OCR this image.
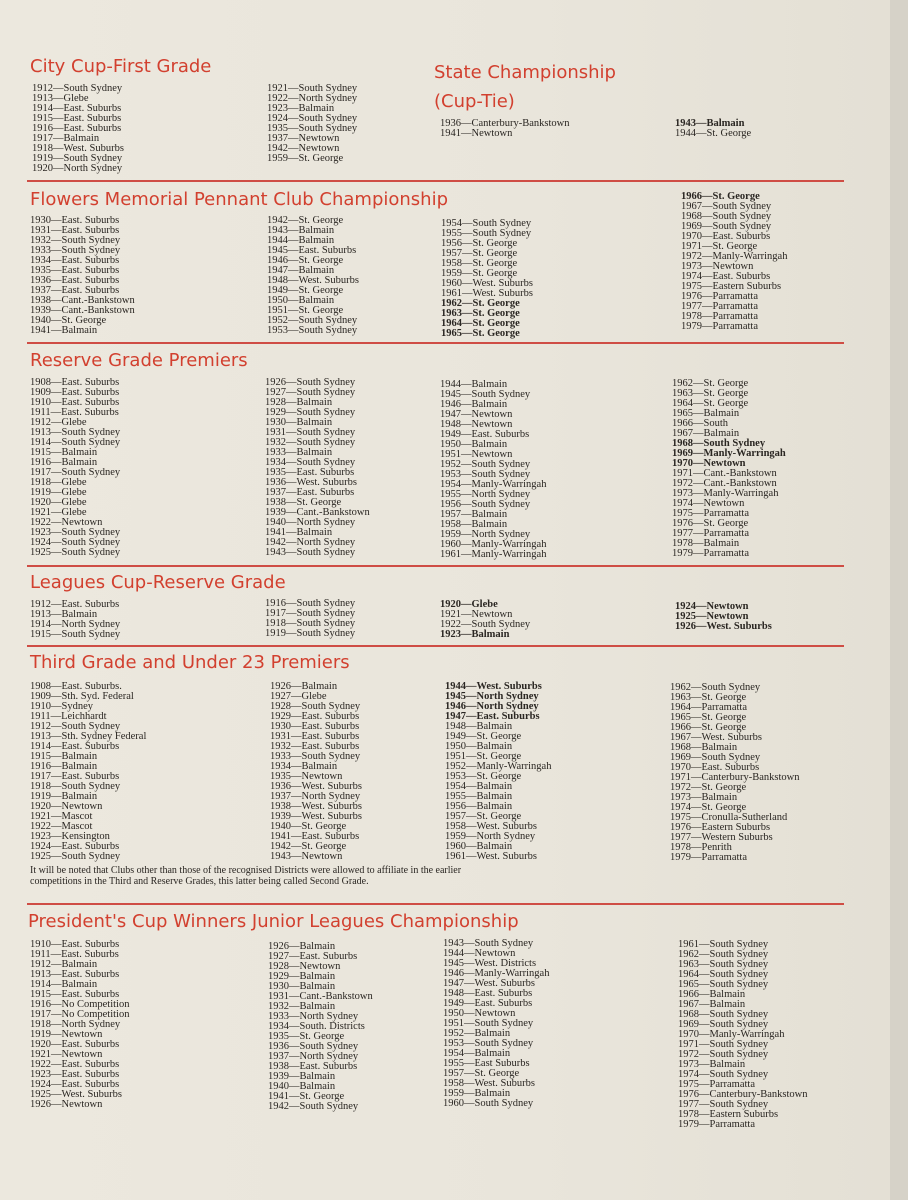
City Cup-First Grade
1912—South Sydney
1913—Glebe
1914—East. Suburbs
1915—East. Suburbs
1916—East. Suburbs
1917—Balmain
1918—West. Suburbs
1919—South Sydney
1920—North Sydney
1921—South Sydney
1922—North Sydney
1923—Balmain
1924—South Sydney
1935—South Sydney
1937—Newtown
1942—Newtown
1959—St. George
State Championship
(Cup-Tie)
1936—Canterbury-Bankstown
1941—Newtown
1943—Balmain
1944—St. George
Flowers Memorial Pennant Club Championship
1930—East. Suburbs
1931—East. Suburbs
1932—South Sydney
1933—South Sydney
1934—East. Suburbs
1935—East. Suburbs
1936—East. Suburbs
1937—East. Suburbs
1938—Cant.-Bankstown
1939—Cant.-Bankstown
1940—St. George
1941—Balmain
1942—St. George
1943—Balmain
1944—Balmain
1945—East. Suburbs
1946—St. George
1947—Balmain
1948—West. Suburbs
1949—St. George
1950—Balmain
1951—St. George
1952—South Sydney
1953—South Sydney
1954—South Sydney
1955—South Sydney
1956—St. George
1957—St. George
1958—St. George
1959—St. George
1960—West. Suburbs
1961—West. Suburbs
1962—St. George
1963—St. George
1964—St. George
1965—St. George
1966—St. George
1967—South Sydney
1968—South Sydney
1969—South Sydney
1970—East. Suburbs
1971—St. George
1972—Manly-Warringah
1973—Newtown
1974—East. Suburbs
1975—Eastern Suburbs
1976—Parramatta
1977—Parramatta
1978—Parramatta
1979—Parramatta
Reserve Grade Premiers
1908—East. Suburbs
1909—East. Suburbs
1910—East. Suburbs
1911—East. Suburbs
1912—Glebe
1913—South Sydney
1914—South Sydney
1915—Balmain
1916—Balmain
1917—South Sydney
1918—Glebe
1919—Glebe
1920—Glebe
1921—Glebe
1922—Newtown
1923—South Sydney
1924—South Sydney
1925—South Sydney
1926—South Sydney
1927—South Sydney
1928—Balmain
1929—South Sydney
1930—Balmain
1931—South Sydney
1932—South Sydney
1933—Balmain
1934—South Sydney
1935—East. Suburbs
1936—West. Suburbs
1937—East. Suburbs
1938—St. George
1939—Cant.-Bankstown
1940—North Sydney
1941—Balmain
1942—North Sydney
1943—South Sydney
1944—Balmain
1945—South Sydney
1946—Balmain
1947—Newtown
1948—Newtown
1949—East. Suburbs
1950—Balmain
1951—Newtown
1952—South Sydney
1953—South Sydney
1954—Manly-Warringah
1955—North Sydney
1956—South Sydney
1957—Balmain
1958—Balmain
1959—North Sydney
1960—Manly-Warringah
1961—Manly-Warringah
1962—St. George
1963—St. George
1964—St. George
1965—Balmain
1966—South
1967—Balmain
1968—South Sydney
1969—Manly-Warringah
1970—Newtown
1971—Cant.-Bankstown
1972—Cant.-Bankstown
1973—Manly-Warringah
1974—Newtown
1975—Parramatta
1976—St. George
1977—Parramatta
1978—Balmain
1979—Parramatta
Leagues Cup-Reserve Grade
1912—East. Suburbs
1913—Balmain
1914—North Sydney
1915—South Sydney
1916—South Sydney
1917—South Sydney
1918—South Sydney
1919—South Sydney
1920—Glebe
1921—Newtown
1922—South Sydney
1923—Balmain
1924—Newtown
1925—Newtown
1926—West. Suburbs
Third Grade and Under 23 Premiers
1908—East. Suburbs.
1909—Sth. Syd. Federal
1910—Sydney
1911—Leichhardt
1912—South Sydney
1913—Sth. Sydney Federal
1914—East. Suburbs
1915—Balmain
1916—Balmain
1917—East. Suburbs
1918—South Sydney
1919—Balmain
1920—Newtown
1921—Mascot
1922—Mascot
1923—Kensington
1924—East. Suburbs
1925—South Sydney
1926—Balmain
1927—Glebe
1928—South Sydney
1929—East. Suburbs
1930—East. Suburbs
1931—East. Suburbs
1932—East. Suburbs
1933—South Sydney
1934—Balmain
1935—Newtown
1936—West. Suburbs
1937—North Sydney
1938—West. Suburbs
1939—West. Suburbs
1940—St. George
1941—East. Suburbs
1942—St. George
1943—Newtown
1944—West. Suburbs
1945—North Sydney
1946—North Sydney
1947—East. Suburbs
1948—Balmain
1949—St. George
1950—Balmain
1951—St. George
1952—Manly-Warringah
1953—St. George
1954—Balmain
1955—Balmain
1956—Balmain
1957—St. George
1958—West. Suburbs
1959—North Sydney
1960—Balmain
1961—West. Suburbs
1962—South Sydney
1963—St. George
1964—Parramatta
1965—St. George
1966—St. George
1967—West. Suburbs
1968—Balmain
1969—South Sydney
1970—East. Suburbs
1971—Canterbury-Bankstown
1972—St. George
1973—Balmain
1974—St. George
1975—Cronulla-Sutherland
1976—Eastern Suburbs
1977—Western Suburbs
1978—Penrith
1979—Parramatta

It will be noted that Clubs other than those of the recognised Districts were allowed to affiliate in the earlier competitions in the Third and Reserve Grades, this latter being called Second Grade.

President's Cup Winners Junior Leagues Championship
1910—East. Suburbs
1911—East. Suburbs
1912—Balmain
1913—East. Suburbs
1914—Balmain
1915—East. Suburbs
1916—No Competition
1917—No Competition
1918—North Sydney
1919—Newtown
1920—East. Suburbs
1921—Newtown
1922—East. Suburbs
1923—East. Suburbs
1924—East. Suburbs
1925—West. Suburbs
1926—Newtown
1926—Balmain
1927—East. Suburbs
1928—Newtown
1929—Balmain
1930—Balmain
1931—Cant.-Bankstown
1932—Balmain
1933—North Sydney
1934—South. Districts
1935—St. George
1936—South Sydney
1937—North Sydney
1938—East. Suburbs
1939—Balmain
1940—Balmain
1941—St. George
1942—South Sydney
1943—South Sydney
1944—Newtown
1945—West. Districts
1946—Manly-Warringah
1947—West. Suburbs
1948—East. Suburbs
1949—East. Suburbs
1950—Newtown
1951—South Sydney
1952—Balmain
1953—South Sydney
1954—Balmain
1955—East Suburbs
1957—St. George
1958—West. Suburbs
1959—Balmain
1960—South Sydney
1961—South Sydney
1962—South Sydney
1963—South Sydney
1964—South Sydney
1965—South Sydney
1966—Balmain
1967—Balmain
1968—South Sydney
1969—South Sydney
1970—Manly-Warringah
1971—South Sydney
1972—South Sydney
1973—Balmain
1974—South Sydney
1975—Parramatta
1976—Canterbury-Bankstown
1977—South Sydney
1978—Eastern Suburbs
1979—Parramatta
